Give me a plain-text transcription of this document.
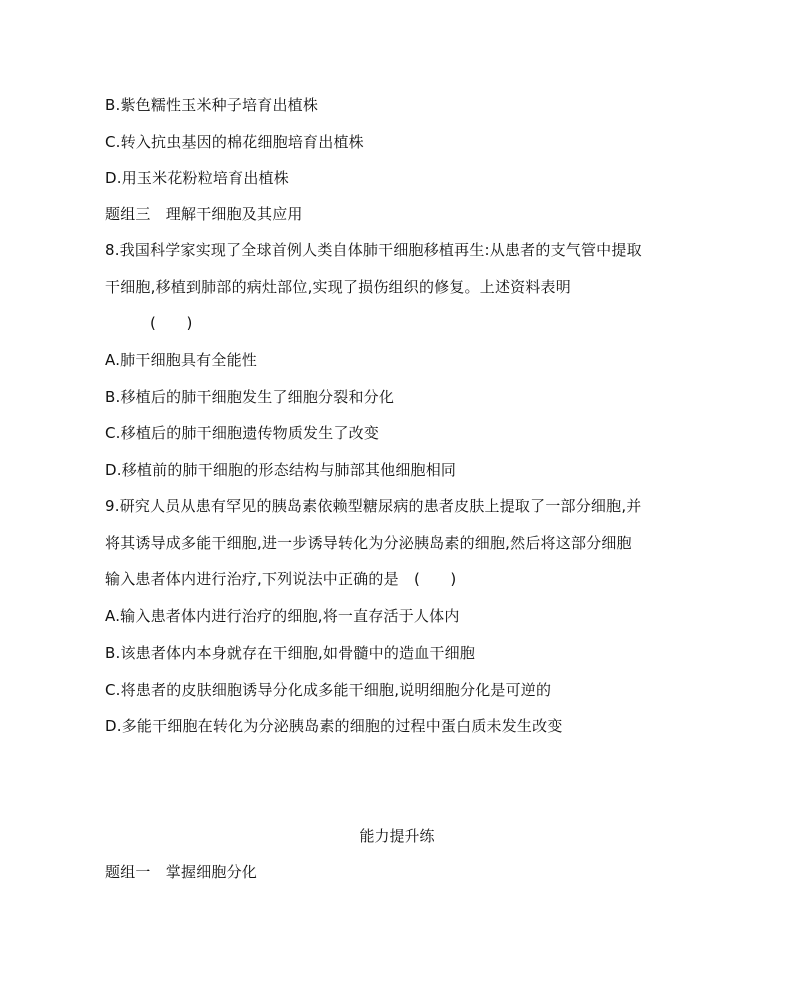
B.紫色糯性玉米种子培育出植株
C.转入抗虫基因的棉花细胞培育出植株
D.用玉米花粉粒培育出植株
题组三　理解干细胞及其应用
8.我国科学家实现了全球首例人类自体肺干细胞移植再生:从患者的支气管中提取
干细胞,移植到肺部的病灶部位,实现了损伤组织的修复。上述资料表明
(　　)
A.肺干细胞具有全能性
B.移植后的肺干细胞发生了细胞分裂和分化
C.移植后的肺干细胞遗传物质发生了改变
D.移植前的肺干细胞的形态结构与肺部其他细胞相同
9.研究人员从患有罕见的胰岛素依赖型糖尿病的患者皮肤上提取了一部分细胞,并
将其诱导成多能干细胞,进一步诱导转化为分泌胰岛素的细胞,然后将这部分细胞
输入患者体内进行治疗,下列说法中正确的是　(　　)
A.输入患者体内进行治疗的细胞,将一直存活于人体内
B.该患者体内本身就存在干细胞,如骨髓中的造血干细胞
C.将患者的皮肤细胞诱导分化成多能干细胞,说明细胞分化是可逆的
D.多能干细胞在转化为分泌胰岛素的细胞的过程中蛋白质未发生改变
能力提升练
题组一　掌握细胞分化
